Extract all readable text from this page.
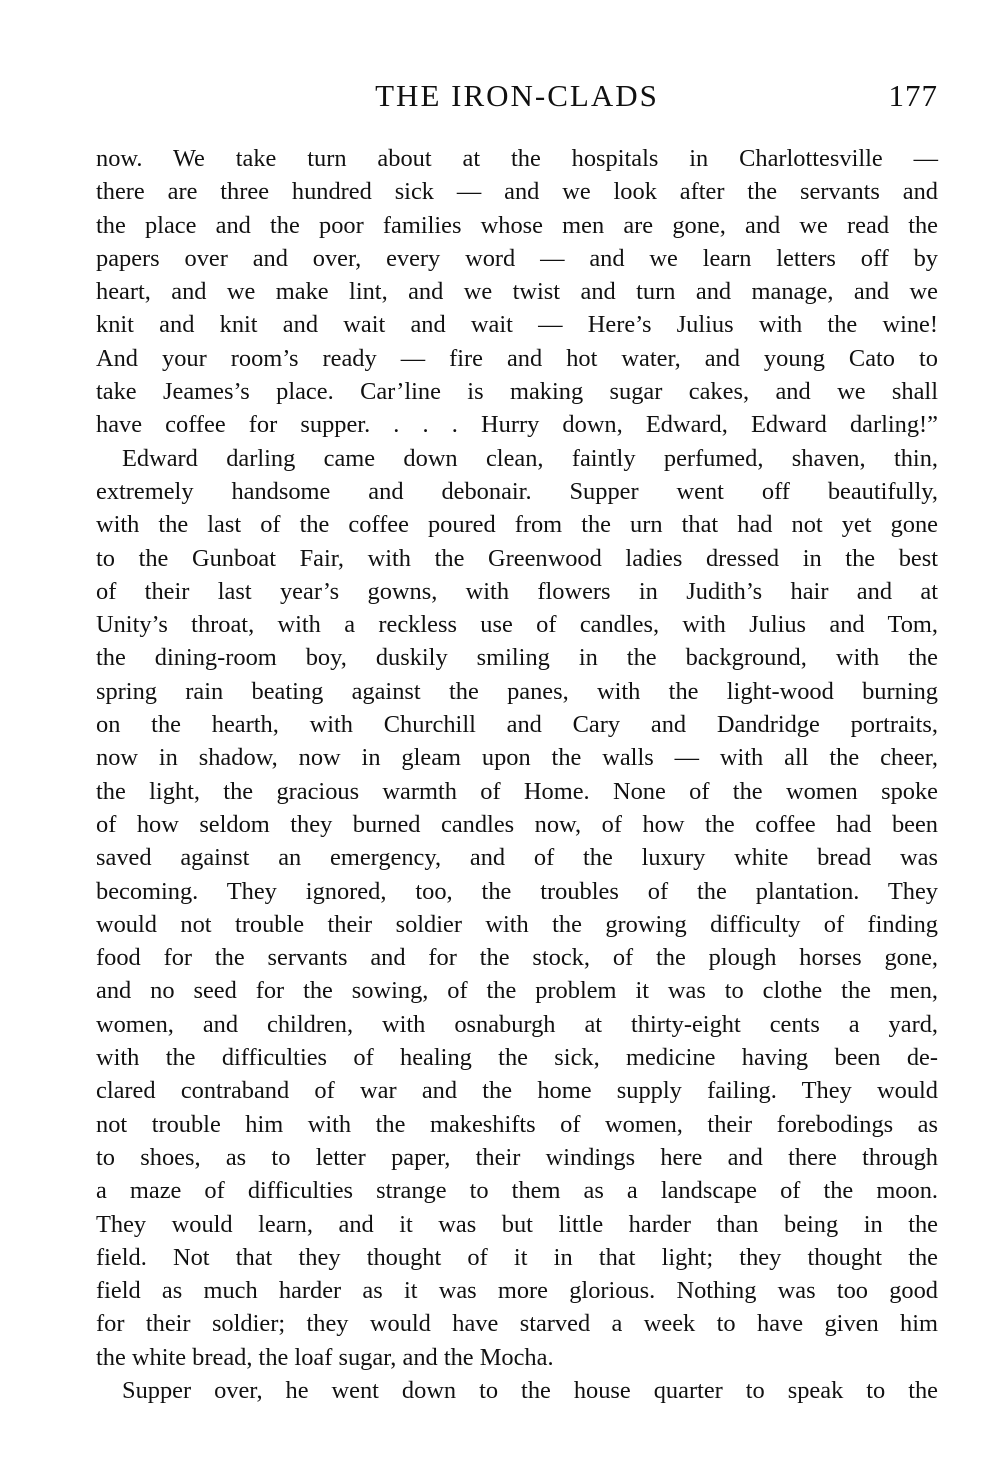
THE IRON-CLADS	177
now. We take turn about at the hospitals in Charlottesville —
there are three hundred sick — and we look after the servants and
the place and the poor families whose men are gone, and we read the
papers over and over, every word — and we learn letters off by
heart, and we make lint, and we twist and turn and manage, and we
knit and knit and wait and wait — Here’s Julius with the wine!
And your room’s ready — fire and hot water, and young Cato to
take Jeames’s place. Car’line is making sugar cakes, and we shall
have coffee for supper. . . . Hurry down, Edward, Edward darling!”
Edward darling came down clean, faintly perfumed, shaven, thin,
extremely handsome and debonair. Supper went off beautifully,
with the last of the coffee poured from the urn that had not yet gone
to the Gunboat Fair, with the Greenwood ladies dressed in the best
of their last year’s gowns, with flowers in Judith’s hair and at
Unity’s throat, with a reckless use of candles, with Julius and Tom,
the dining-room boy, duskily smiling in the background, with the
spring rain beating against the panes, with the light-wood burning
on the hearth, with Churchill and Cary and Dandridge portraits,
now in shadow, now in gleam upon the walls — with all the cheer,
the light, the gracious warmth of Home. None of the women spoke
of how seldom they burned candles now, of how the coffee had been
saved against an emergency, and of the luxury white bread was
becoming. They ignored, too, the troubles of the plantation. They
would not trouble their soldier with the growing difficulty of finding
food for the servants and for the stock, of the plough horses gone,
and no seed for the sowing, of the problem it was to clothe the men,
women, and children, with osnaburgh at thirty-eight cents a yard,
with the difficulties of healing the sick, medicine having been de-
clared contraband of war and the home supply failing. They would
not trouble him with the makeshifts of women, their forebodings as
to shoes, as to letter paper, their windings here and there through
a maze of difficulties strange to them as a landscape of the moon.
They would learn, and it was but little harder than being in the
field. Not that they thought of it in that light; they thought the
field as much harder as it was more glorious. Nothing was too good
for their soldier; they would have starved a week to have given him
the white bread, the loaf sugar, and the Mocha.
Supper over, he went down to the house quarter to speak to the
